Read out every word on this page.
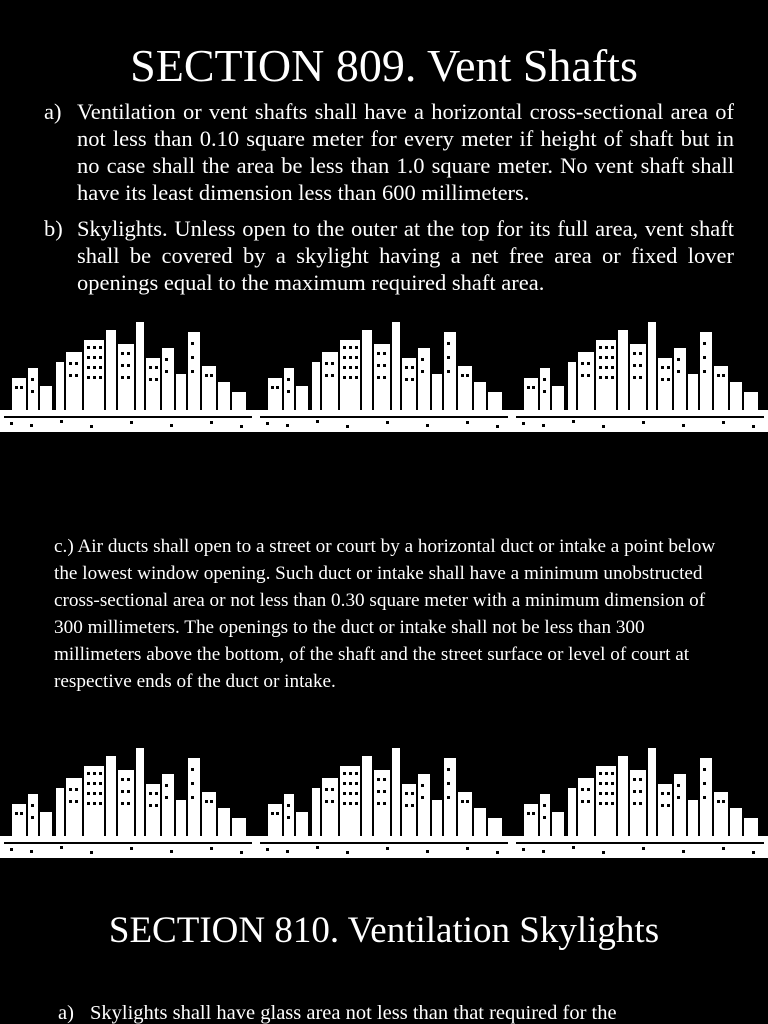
SECTION 809. Vent Shafts
a) Ventilation or vent shafts shall have a horizontal cross-sectional area of not less than 0.10 square meter for every meter if height of shaft but in no case shall the area be less than 1.0 square meter. No vent shaft shall have its least dimension less than 600 millimeters.
b) Skylights. Unless open to the outer at the top for its full area, vent shaft shall be covered by a skylight having a net free area or fixed lover openings equal to the maximum required shaft area.

c.) Air ducts shall open to a street or court by a horizontal duct or intake a point below the lowest window opening. Such duct or intake shall have a minimum unobstructed cross-sectional area or not less than 0.30 square meter with a minimum dimension of 300 millimeters. The openings to the duct or intake shall not be less than 300 millimeters above the bottom, of the shaft and the street surface or level of court at respective ends of the duct or intake.

SECTION 810. Ventilation Skylights
a) Skylights shall have glass area not less than that required for the
